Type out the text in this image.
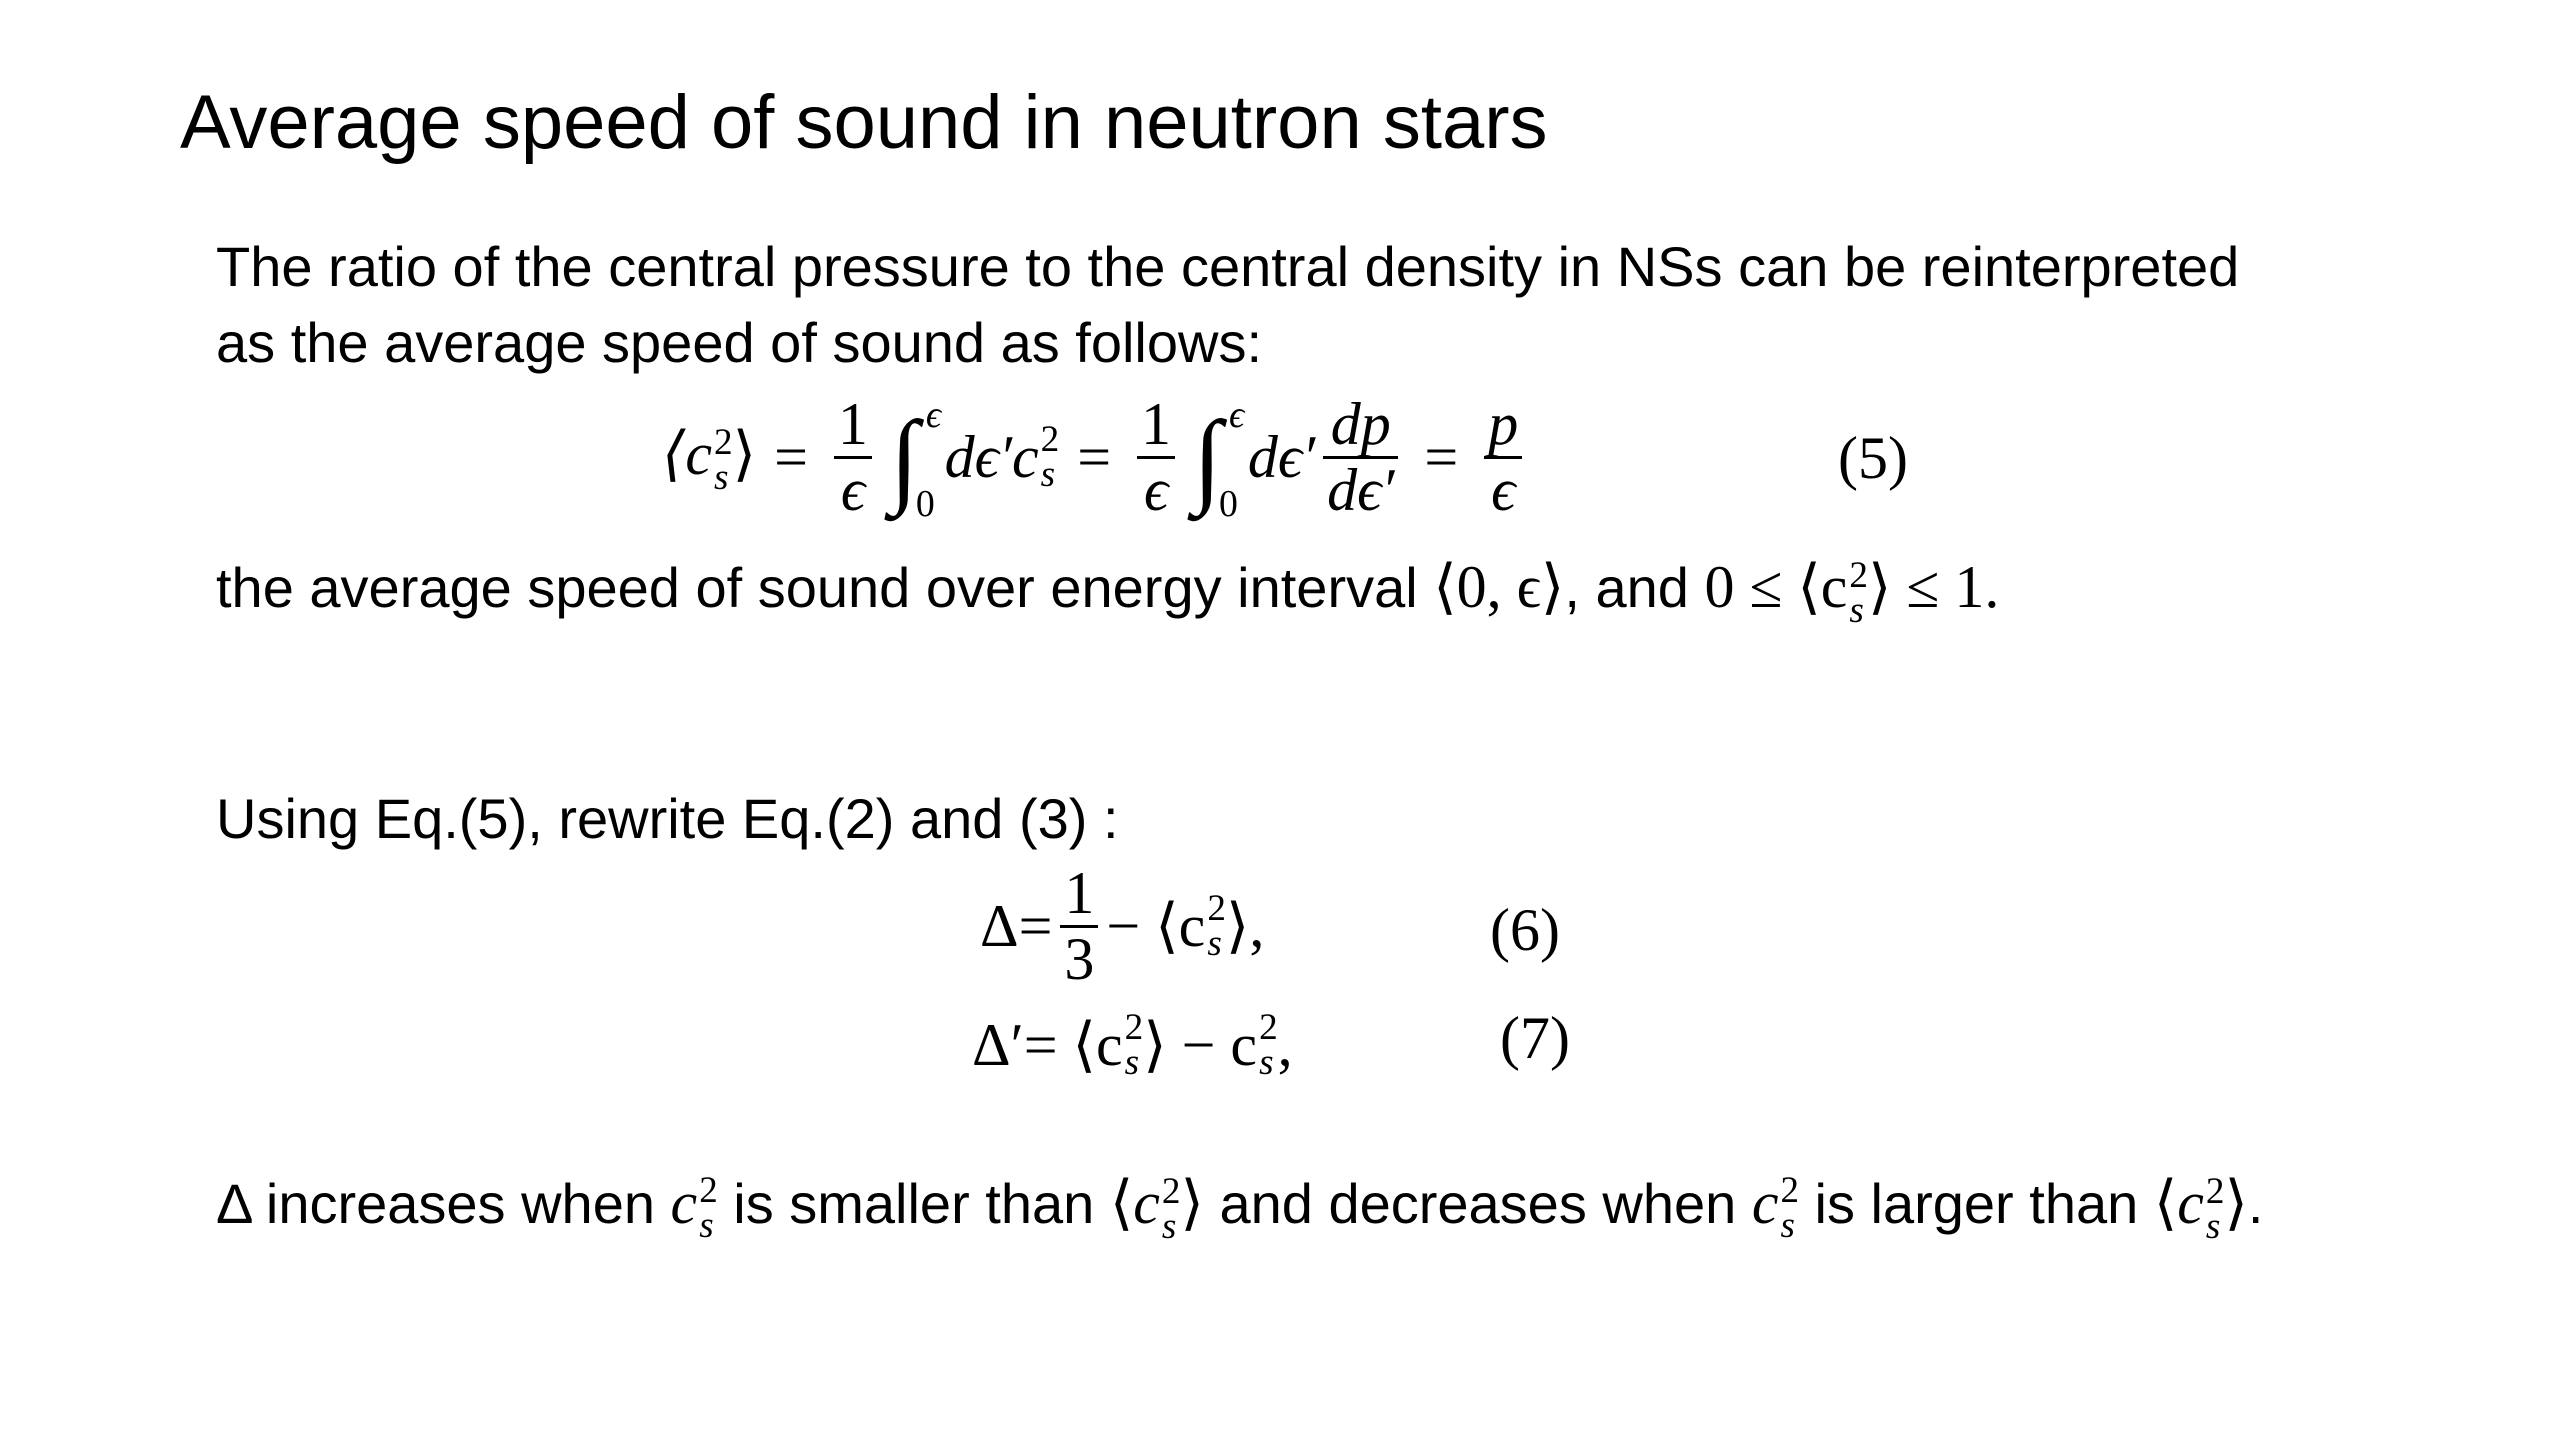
Average speed of sound in neutron stars
The ratio of the central pressure to the central density in NSs can be reinterpreted
as the average speed of sound as follows:
⟨c 2
s ⟩ = $\frac{1}{\epsilon}$ ∫ ϵ
0
dϵ′c 2
$s = \frac{1}{\epsilon}$ ∫ ϵ
0
$d\epsilon' \frac{dp}{d\epsilon'} = \frac{p}{\epsilon}$	(5)
the average speed of sound over energy interval ⟨0, ϵ⟩, and 0 ≤ ⟨c 2
s ⟩ ≤ 1.
Using Eq.(5), rewrite Eq.(2) and (3) :
$\Delta= \frac{1}{3}$ − ⟨c 2
s ⟩,	(6)
Δ′= ⟨c 2
s ⟩ − c 2
s ,	(7)
Δ increases when c 2
s is smaller than ⟨c 2
s ⟩ and decreases when c 2
s is larger than ⟨c 2
s ⟩.
